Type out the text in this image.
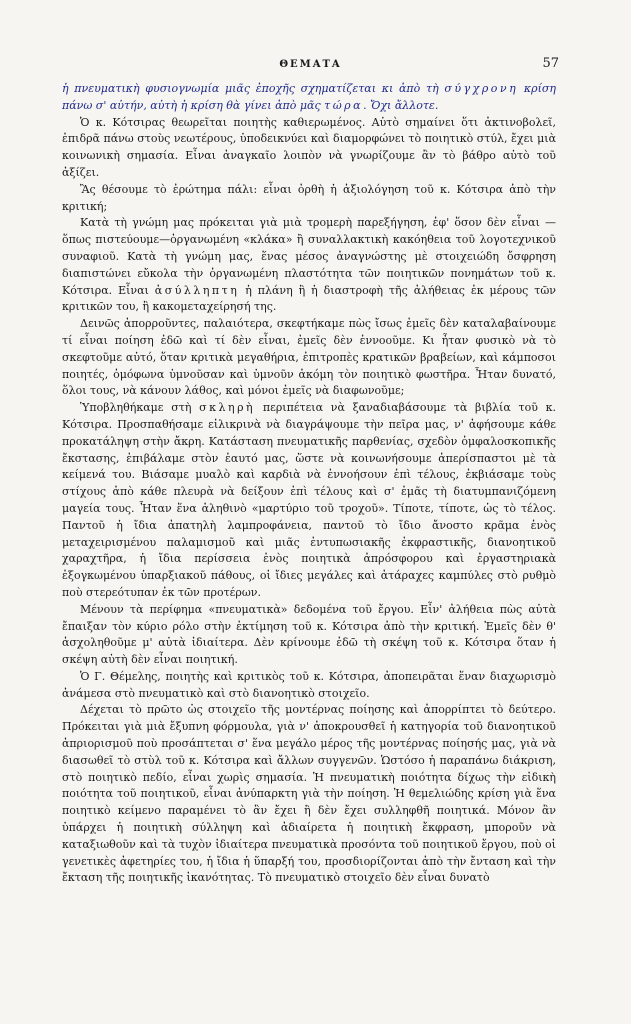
ΘΕΜΑΤΑ	57

ἡ πνευματικὴ φυσιογνωμία μιᾶς ἐποχῆς σχηματίζεται κι ἀπὸ τὴ σύγχρονη κρίση πάνω σ' αὐτήν, αὐτὴ ἡ κρίση θὰ γίνει ἀπὸ μᾶς τώρα. Ὄχι ἄλλοτε.

Ὁ κ. Κότσιρας θεωρεῖται ποιητὴς καθιερωμένος. Αὐτὸ σημαίνει ὅτι ἀκτινοβολεῖ, ἐπιδρᾶ πάνω στοὺς νεωτέρους, ὑποδεικνύει καὶ διαμορφώνει τὸ ποιητικὸ στύλ, ἔχει μιὰ κοινωνικὴ σημασία. Εἶναι ἀναγκαῖο λοιπὸν νὰ γνωρίζουμε ἂν τὸ βάθρο αὐτὸ τοῦ ἀξίζει.

Ἂς θέσουμε τὸ ἐρώτημα πάλι: εἶναι ὀρθὴ ἡ ἀξιολόγηση τοῦ κ. Κότσιρα ἀπὸ τὴν κριτική;

Κατὰ τὴ γνώμη μας πρόκειται γιὰ μιὰ τρομερὴ παρεξήγηση, ἐφ' ὅσον δὲν εἶναι —ὅπως πιστεύουμε—ὀργανωμένη «κλάκα» ἢ συναλλακτικὴ κακόηθεια τοῦ λογοτεχνικοῦ συναφιοῦ. Κατὰ τὴ γνώμη μας, ἕνας μέσος ἀναγνώστης μὲ στοιχειώδη ὄσφρηση διαπιστώνει εὔκολα τὴν ὀργανωμένη πλαστότητα τῶν ποιητικῶν πονημάτων τοῦ κ. Κότσιρα. Εἶναι ἀσύλληπτη ἡ πλάνη ἢ ἡ διαστροφὴ τῆς ἀλήθειας ἐκ μέρους τῶν κριτικῶν του, ἢ κακομεταχείρησή της.

Δεινῶς ἀπορροῦντες, παλαιότερα, σκεφτήκαμε πὼς ἴσως ἐμεῖς δὲν καταλαβαίνουμε τί εἶναι ποίηση ἐδῶ καὶ τί δὲν εἶναι, ἐμεῖς δὲν ἐννοοῦμε. Κι ἦταν φυσικὸ νὰ τὸ σκεφτοῦμε αὐτό, ὅταν κριτικὰ μεγαθήρια, ἐπιτροπὲς κρατικῶν βραβείων, καὶ κάμποσοι ποιητές, ὁμόφωνα ὑμνοῦσαν καὶ ὑμνοῦν ἀκόμη τὸν ποιητικὸ φωστῆρα. Ἦταν δυνατό, ὅλοι τους, νὰ κάνουν λάθος, καὶ μόνοι ἐμεῖς νὰ διαφωνοῦμε;

Ὑποβληθήκαμε στὴ σκληρὴ περιπέτεια νὰ ξαναδιαβάσουμε τὰ βιβλία τοῦ κ. Κότσιρα. Προσπαθήσαμε εἰλικρινὰ νὰ διαγράψουμε τὴν πεῖρα μας, ν' ἀφήσουμε κάθε προκατάληψη στὴν ἄκρη. Κατάσταση πνευματικῆς παρθενίας, σχεδὸν ὀμφαλοσκοπικῆς ἔκστασης, ἐπιβάλαμε στὸν ἑαυτό μας, ὥστε νὰ κοινωνήσουμε ἀπερίσπαστοι μὲ τὰ κείμενά του. Βιάσαμε μυαλὸ καὶ καρδιὰ νὰ ἐννοήσουν ἐπὶ τέλους, ἐκβιάσαμε τοὺς στίχους ἀπὸ κάθε πλευρὰ νὰ δείξουν ἐπὶ τέλους καὶ σ' ἐμᾶς τὴ διατυμπανιζόμενη μαγεία τους. Ἦταν ἕνα ἀληθινὸ «μαρτύριο τοῦ τροχοῦ». Τίποτε, τίποτε, ὡς τὸ τέλος. Παντοῦ ἡ ἴδια ἀπατηλὴ λαμπροφάνεια, παντοῦ τὸ ἴδιο ἄνοστο κρᾶμα ἑνὸς μεταχειρισμένου παλαμισμοῦ καὶ μιᾶς ἐντυπωσιακῆς ἐκφραστικῆς, διανοητικοῦ χαραχτῆρα, ἡ ἴδια περίσσεια ἑνὸς ποιητικὰ ἀπρόσφορου καὶ ἐργαστηριακὰ ἐξογκωμένου ὑπαρξιακοῦ πάθους, οἱ ἴδιες μεγάλες καὶ ἀτάραχες καμπύλες στὸ ρυθμὸ ποὺ στερεότυπαν ἐκ τῶν προτέρων.

Μένουν τὰ περίφημα «πνευματικὰ» δεδομένα τοῦ ἔργου. Εἶν' ἀλήθεια πὼς αὐτὰ ἔπαιξαν τὸν κύριο ρόλο στὴν ἐκτίμηση τοῦ κ. Κότσιρα ἀπὸ τὴν κριτική. Ἐμεῖς δὲν θ' ἀσχοληθοῦμε μ' αὐτὰ ἰδιαίτερα. Δὲν κρίνουμε ἐδῶ τὴ σκέψη τοῦ κ. Κότσιρα ὅταν ἡ σκέψη αὐτὴ δὲν εἶναι ποιητική.

Ὁ Γ. Θέμελης, ποιητὴς καὶ κριτικὸς τοῦ κ. Κότσιρα, ἀποπειρᾶται ἕναν διαχωρισμὸ ἀνάμεσα στὸ πνευματικὸ καὶ στὸ διανοητικὸ στοιχεῖο.

Δέχεται τὸ πρῶτο ὡς στοιχεῖο τῆς μοντέρνας ποίησης καὶ ἀπορρίπτει τὸ δεύτερο. Πρόκειται γιὰ μιὰ ἔξυπνη φόρμουλα, γιὰ ν' ἀποκρουσθεῖ ἡ κατηγορία τοῦ διανοητικοῦ ἀπριορισμοῦ ποὺ προσάπτεται σ' ἕνα μεγάλο μέρος τῆς μοντέρνας ποίησής μας, γιὰ νὰ διασωθεῖ τὸ στὺλ τοῦ κ. Κότσιρα καὶ ἄλλων συγγενῶν. Ὡστόσο ἡ παραπάνω διάκριση, στὸ ποιητικὸ πεδίο, εἶναι χωρὶς σημασία. Ἡ πνευματικὴ ποιότητα δίχως τὴν εἰδικὴ ποιότητα τοῦ ποιητικοῦ, εἶναι ἀνύπαρκτη γιὰ τὴν ποίηση. Ἡ θεμελιώδης κρίση γιὰ ἕνα ποιητικὸ κείμενο παραμένει τὸ ἂν ἔχει ἢ δὲν ἔχει συλληφθῆ ποιητικά. Μόνον ἂν ὑπάρχει ἡ ποιητικὴ σύλληψη καὶ ἀδιαίρετα ἡ ποιητικὴ ἔκφραση, μποροῦν νὰ καταξιωθοῦν καὶ τὰ τυχὸν ἰδιαίτερα πνευματικὰ προσόντα τοῦ ποιητικοῦ ἔργου, ποὺ οἱ γενετικὲς ἀφετηρίες του, ἡ ἴδια ἡ ὕπαρξή του, προσδιορίζονται ἀπὸ τὴν ἔνταση καὶ τὴν ἔκταση τῆς ποιητικῆς ἱκανότητας. Τὸ πνευματικὸ στοιχεῖο δὲν εἶναι δυνατὸ
